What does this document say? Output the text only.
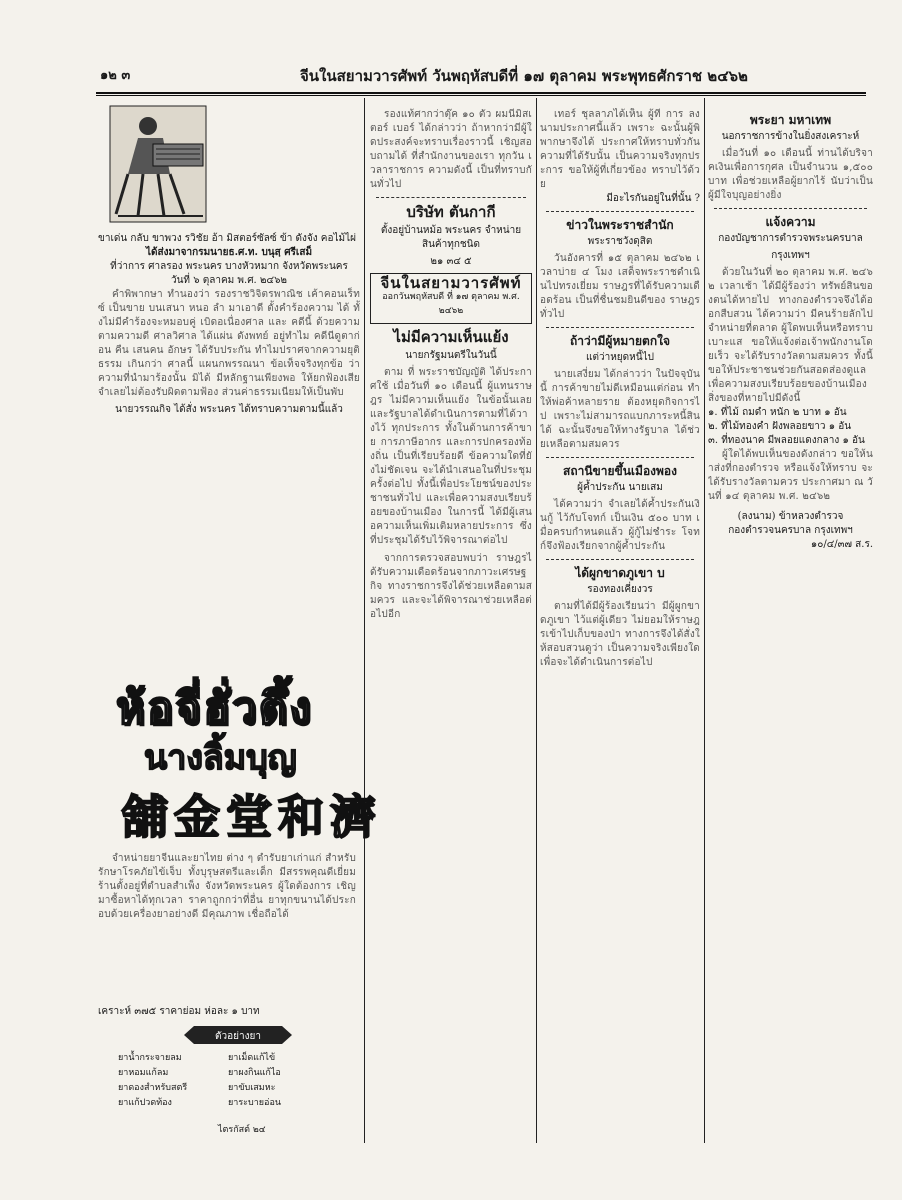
๑๒ ๓	จีนในสยามวารศัพท์ วันพฤหัสบดีที่ ๑๗ ตุลาคม พระพุทธศักราช ๒๔๖๒

ขาเด่น กลับ ขาพวง รวิชัย อ้า มิสตอร์ซัลซ์ ข้า ดังจัง คอไม้ไผ่

ได้ส่งมาจากรมนายธ.ศ.ท. บนุสฺ ศรีเสม็

ที่ว่าการ ศาลรอง พระนคร บางหัวหมาก จังหวัดพระนคร

วันที่ ๖ ตุลาคม พ.ศ. ๒๔๖๒

คำพิพากษา ทำนองว่า รองราชวิจิตรพาณิช เค้าคอนเร็ทซ์ เป็นขาย บนเสนา หนอ ลำ มาเอาดี ตั้งคำร้องความ ได้ ทั้งไม่มีคำร้องจะหมอบคู่ เบิดอเนื่องศาล และ คดีนี้ ด้วยความตามความดี ศาลวิศาล ได้แผ่น ดังพทย์ อยู่ทำไม คดีนีดูตาก่อน คืน เสนคน อักษร ได้รับประกัน ทำไมปราศจากความยุติธรรม เกินกว่า ศาลนี้ แผนกพรรณนา ข้อเท็จจริงทุกข้อ ว่า ความที่นำมาร้องนั้น มิได้ มีหลักฐานเพียงพอ ให้ยกฟ้องเสีย จำเลยไม่ต้องรับผิดตามฟ้อง ส่วนค่าธรรมเนียมให้เป็นพับ

นายวรรณกิจ ได้สั่ง พระนคร ได้ทราบความตามนี้แล้ว

ห้อจี่ฮั่วตึ้ง
นางลิ้มบุญ
舖金堂和濟

จำหน่ายยาจีนและยาไทย ต่าง ๆ ตำรับยาเก่าแก่ สำหรับรักษาโรคภัยไข้เจ็บ ทั้งบุรุษสตรีและเด็ก มีสรรพคุณดีเยี่ยม ร้านตั้งอยู่ที่ตำบลสำเพ็ง จังหวัดพระนคร ผู้ใดต้องการ เชิญมาซื้อหาได้ทุกเวลา ราคาถูกกว่าที่อื่น ยาทุกขนานได้ประกอบด้วยเครื่องยาอย่างดี มีคุณภาพ เชื่อถือได้

เคราะห์ ๓๗๕ ราคาย่อม ห่อละ ๑ บาท
ตัวอย่างยา
ยาน้ำกระจายลม	ยาเม็ดแก้ไข้
ยาหอมแก้ลม	ยาผงกินแก้ไอ
ยาดองสำหรับสตรี	ยาขับเสมหะ
ยาแก้ปวดท้อง	ยาระบายอ่อน
ไตรกัสต์ ๒๔

รองแท้ศากว่าตุ๊ค ๑๐ ตัว ผมนี่มิสเตอร์ เบอร์ ได้กล่าวว่า ถ้าหากว่ามีผู้ใดประสงค์จะทราบเรื่องราวนี้ เชิญสอบถามได้ ที่สำนักงานของเรา ทุกวัน เวลาราชการ ความดังนี้ เป็นที่ทราบกันทั่วไป

บริษัท ตันกากี

ตั้งอยู่บ้านหม้อ พระนคร จำหน่ายสินค้าทุกชนิด

๒๑ ๓๔ ๕

จีนในสยามวารศัพท์

ออกวันพฤหัสบดี ที่ ๑๗ ตุลาคม พ.ศ. ๒๔๖๒

ไม่มีความเห็นแย้ง

นายกรัฐมนตรีในวันนี้

ตาม ที่ พระราชบัญญัติ ได้ประกาศใช้ เมื่อวันที่ ๑๐ เดือนนี้ ผู้แทนราษฎร ไม่มีความเห็นแย้ง ในข้อนั้นเลย และรัฐบาลได้ดำเนินการตามที่ได้วางไว้ ทุกประการ ทั้งในด้านการค้าขาย การภาษีอากร และการปกครองท้องถิ่น เป็นที่เรียบร้อยดี ข้อความใดที่ยังไม่ชัดเจน จะได้นำเสนอในที่ประชุมครั้งต่อไป ทั้งนี้เพื่อประโยชน์ของประชาชนทั่วไป และเพื่อความสงบเรียบร้อยของบ้านเมือง ในการนี้ ได้มีผู้เสนอความเห็นเพิ่มเติมหลายประการ ซึ่งที่ประชุมได้รับไว้พิจารณาต่อไป

จากการตรวจสอบพบว่า ราษฎรได้รับความเดือดร้อนจากภาวะเศรษฐกิจ ทางราชการจึงได้ช่วยเหลือตามสมควร และจะได้พิจารณาช่วยเหลือต่อไปอีก

เทอร์ ชุลลาภได้เห็น ผู้ที่ การ ลงนามประกาศนี้แล้ว เพราะ ฉะนั้นผู้พิพากษาจึงได้ ประกาศให้ทราบทั่วกัน ความที่ได้รับนั้น เป็นความจริงทุกประการ ขอให้ผู้ที่เกี่ยวข้อง ทราบไว้ด้วย

มีอะไรกันอยู่ในที่นั้น ?

ข่าวในพระราชสำนัก

พระราชวังดุสิต

วันอังคารที่ ๑๕ ตุลาคม ๒๔๖๒ เวลาบ่าย ๔ โมง เสด็จพระราชดำเนินไปทรงเยี่ยม ราษฎรที่ได้รับความเดือดร้อน เป็นที่ชื่นชมยินดีของ ราษฎรทั่วไป

ถ้าว่ามีผู้หมายตกใจ

แต่ว่าหยุดหนี้ไป

นายเสงี่ยม ได้กล่าวว่า ในปัจจุบันนี้ การค้าขายไม่ดีเหมือนแต่ก่อน ทำให้พ่อค้าหลายราย ต้องหยุดกิจการไป เพราะไม่สามารถแบกภาระหนี้สินได้ ฉะนั้นจึงขอให้ทางรัฐบาล ได้ช่วยเหลือตามสมควร

สถานีขายขึ้นเมืองพอง

ผู้ค้ำประกัน นายเสม

ได้ความว่า จำเลยได้ค้ำประกันเงินกู้ ไว้กับโจทก์ เป็นเงิน ๕๐๐ บาท เมื่อครบกำหนดแล้ว ผู้กู้ไม่ชำระ โจทก์จึงฟ้องเรียกจากผู้ค้ำประกัน

ได้ผูกขาดภูเขา บ

รองทองเคี่ยงวร

ตามที่ได้มีผู้ร้องเรียนว่า มีผู้ผูกขาดภูเขา ไว้แต่ผู้เดียว ไม่ยอมให้ราษฎรเข้าไปเก็บของป่า ทางการจึงได้สั่งให้สอบสวนดูว่า เป็นความจริงเพียงใด เพื่อจะได้ดำเนินการต่อไป

พระยา มหาเทพ

นอกราชการข้างในยิ่งสงเคราะห์

เมื่อวันที่ ๑๐ เดือนนี้ ท่านได้บริจาคเงินเพื่อการกุศล เป็นจำนวน ๑,๕๐๐ บาท เพื่อช่วยเหลือผู้ยากไร้ นับว่าเป็นผู้มีใจบุญอย่างยิ่ง

แจ้งความ

กองบัญชาการตำรวจพระนครบาล

กรุงเทพฯ

ด้วยในวันที่ ๒๐ ตุลาคม พ.ศ. ๒๔๖๒ เวลาเช้า ได้มีผู้ร้องว่า ทรัพย์สินของตนได้หายไป ทางกองตำรวจจึงได้ออกสืบสวน ได้ความว่า มีคนร้ายลักไปจำหน่ายที่ตลาด ผู้ใดพบเห็นหรือทราบเบาะแส ขอให้แจ้งต่อเจ้าพนักงานโดยเร็ว จะได้รับรางวัลตามสมควร ทั้งนี้ขอให้ประชาชนช่วยกันสอดส่องดูแล เพื่อความสงบเรียบร้อยของบ้านเมือง สิ่งของที่หายไปมีดังนี้

๑. ที่ไม้ ถมดำ หนัก ๒ บาท ๑ อัน

๒. ที่ไม้ทองคำ ฝังพลอยขาว ๑ อัน

๓. ที่ทองนาค มีพลอยแดงกลาง ๑ อัน

ผู้ใดได้พบเห็นของดังกล่าว ขอให้นำส่งที่กองตำรวจ หรือแจ้งให้ทราบ จะได้รับรางวัลตามควร ประกาศมา ณ วันที่ ๑๔ ตุลาคม พ.ศ. ๒๔๖๒

(ลงนาม) ข้าหลวงตำรวจ

กองตำรวจนครบาล กรุงเทพฯ

๑๐/๔/๓๗ ส.ร.
